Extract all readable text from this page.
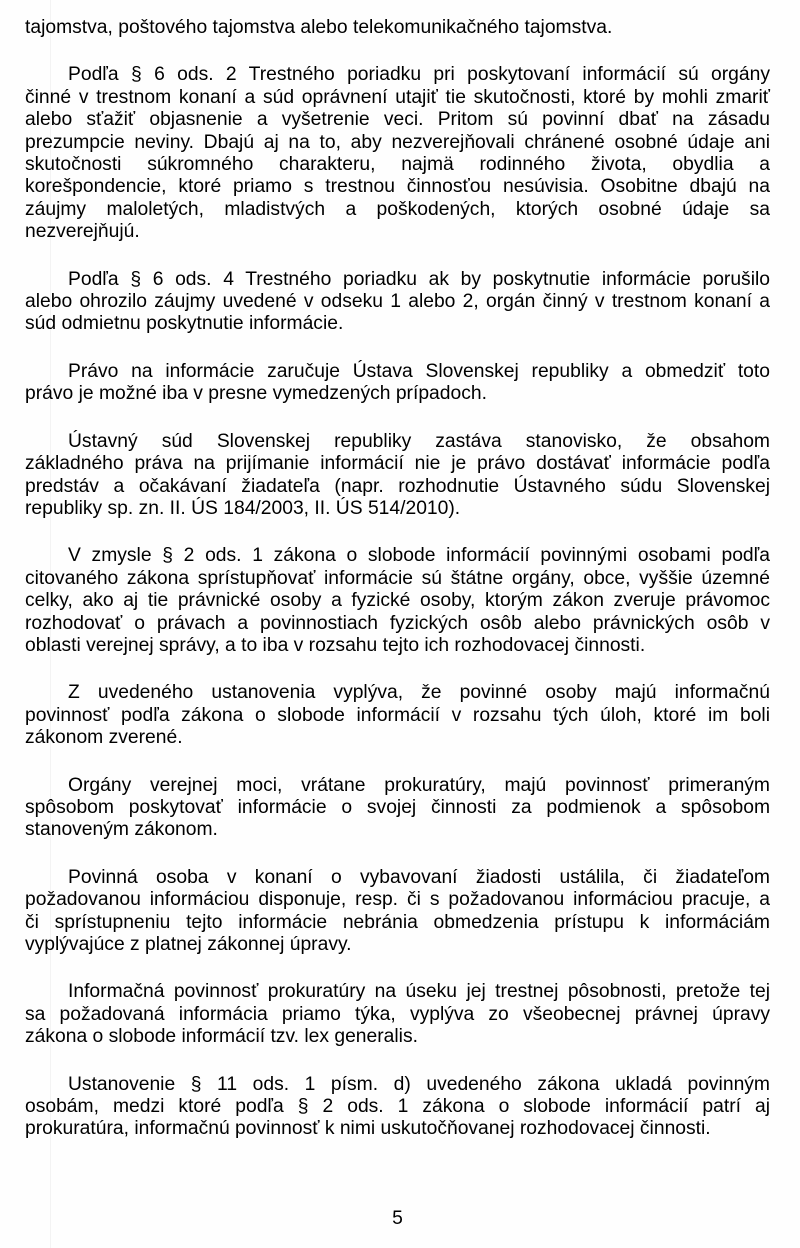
tajomstva, poštového tajomstva alebo telekomunikačného tajomstva.

Podľa § 6 ods. 2 Trestného poriadku pri poskytovaní informácií sú orgány
činné v trestnom konaní a súd oprávnení utajiť tie skutočnosti, ktoré by mohli zmariť
alebo sťažiť objasnenie a vyšetrenie veci. Pritom sú povinní dbať na zásadu
prezumpcie neviny. Dbajú aj na to, aby nezverejňovali chránené osobné údaje ani
skutočnosti súkromného charakteru, najmä rodinného života, obydlia a
korešpondencie, ktoré priamo s trestnou činnosťou nesúvisia. Osobitne dbajú na
záujmy maloletých, mladistvých a poškodených, ktorých osobné údaje sa
nezverejňujú.

Podľa § 6 ods. 4 Trestného poriadku ak by poskytnutie informácie porušilo
alebo ohrozilo záujmy uvedené v odseku 1 alebo 2, orgán činný v trestnom konaní a
súd odmietnu poskytnutie informácie.

Právo na informácie zaručuje Ústava Slovenskej republiky a obmedziť toto
právo je možné iba v presne vymedzených prípadoch.

Ústavný súd Slovenskej republiky zastáva stanovisko, že obsahom
základného práva na prijímanie informácií nie je právo dostávať informácie podľa
predstáv a očakávaní žiadateľa (napr. rozhodnutie Ústavného súdu Slovenskej
republiky sp. zn. II. ÚS 184/2003, II. ÚS 514/2010).

V zmysle § 2 ods. 1 zákona o slobode informácií povinnými osobami podľa
citovaného zákona sprístupňovať informácie sú štátne orgány, obce, vyššie územné
celky, ako aj tie právnické osoby a fyzické osoby, ktorým zákon zveruje právomoc
rozhodovať o právach a povinnostiach fyzických osôb alebo právnických osôb v
oblasti verejnej správy, a to iba v rozsahu tejto ich rozhodovacej činnosti.

Z uvedeného ustanovenia vyplýva, že povinné osoby majú informačnú
povinnosť podľa zákona o slobode informácií v rozsahu tých úloh, ktoré im boli
zákonom zverené.

Orgány verejnej moci, vrátane prokuratúry, majú povinnosť primeraným
spôsobom poskytovať informácie o svojej činnosti za podmienok a spôsobom
stanoveným zákonom.

Povinná osoba v konaní o vybavovaní žiadosti ustálila, či žiadateľom
požadovanou informáciou disponuje, resp. či s požadovanou informáciou pracuje, a
či sprístupneniu tejto informácie nebránia obmedzenia prístupu k informáciám
vyplývajúce z platnej zákonnej úpravy.

Informačná povinnosť prokuratúry na úseku jej trestnej pôsobnosti, pretože tej
sa požadovaná informácia priamo týka, vyplýva zo všeobecnej právnej úpravy
zákona o slobode informácií tzv. lex generalis.

Ustanovenie § 11 ods. 1 písm. d) uvedeného zákona ukladá povinným
osobám, medzi ktoré podľa § 2 ods. 1 zákona o slobode informácií patrí aj
prokuratúra, informačnú povinnosť k nimi uskutočňovanej rozhodovacej činnosti.

5
